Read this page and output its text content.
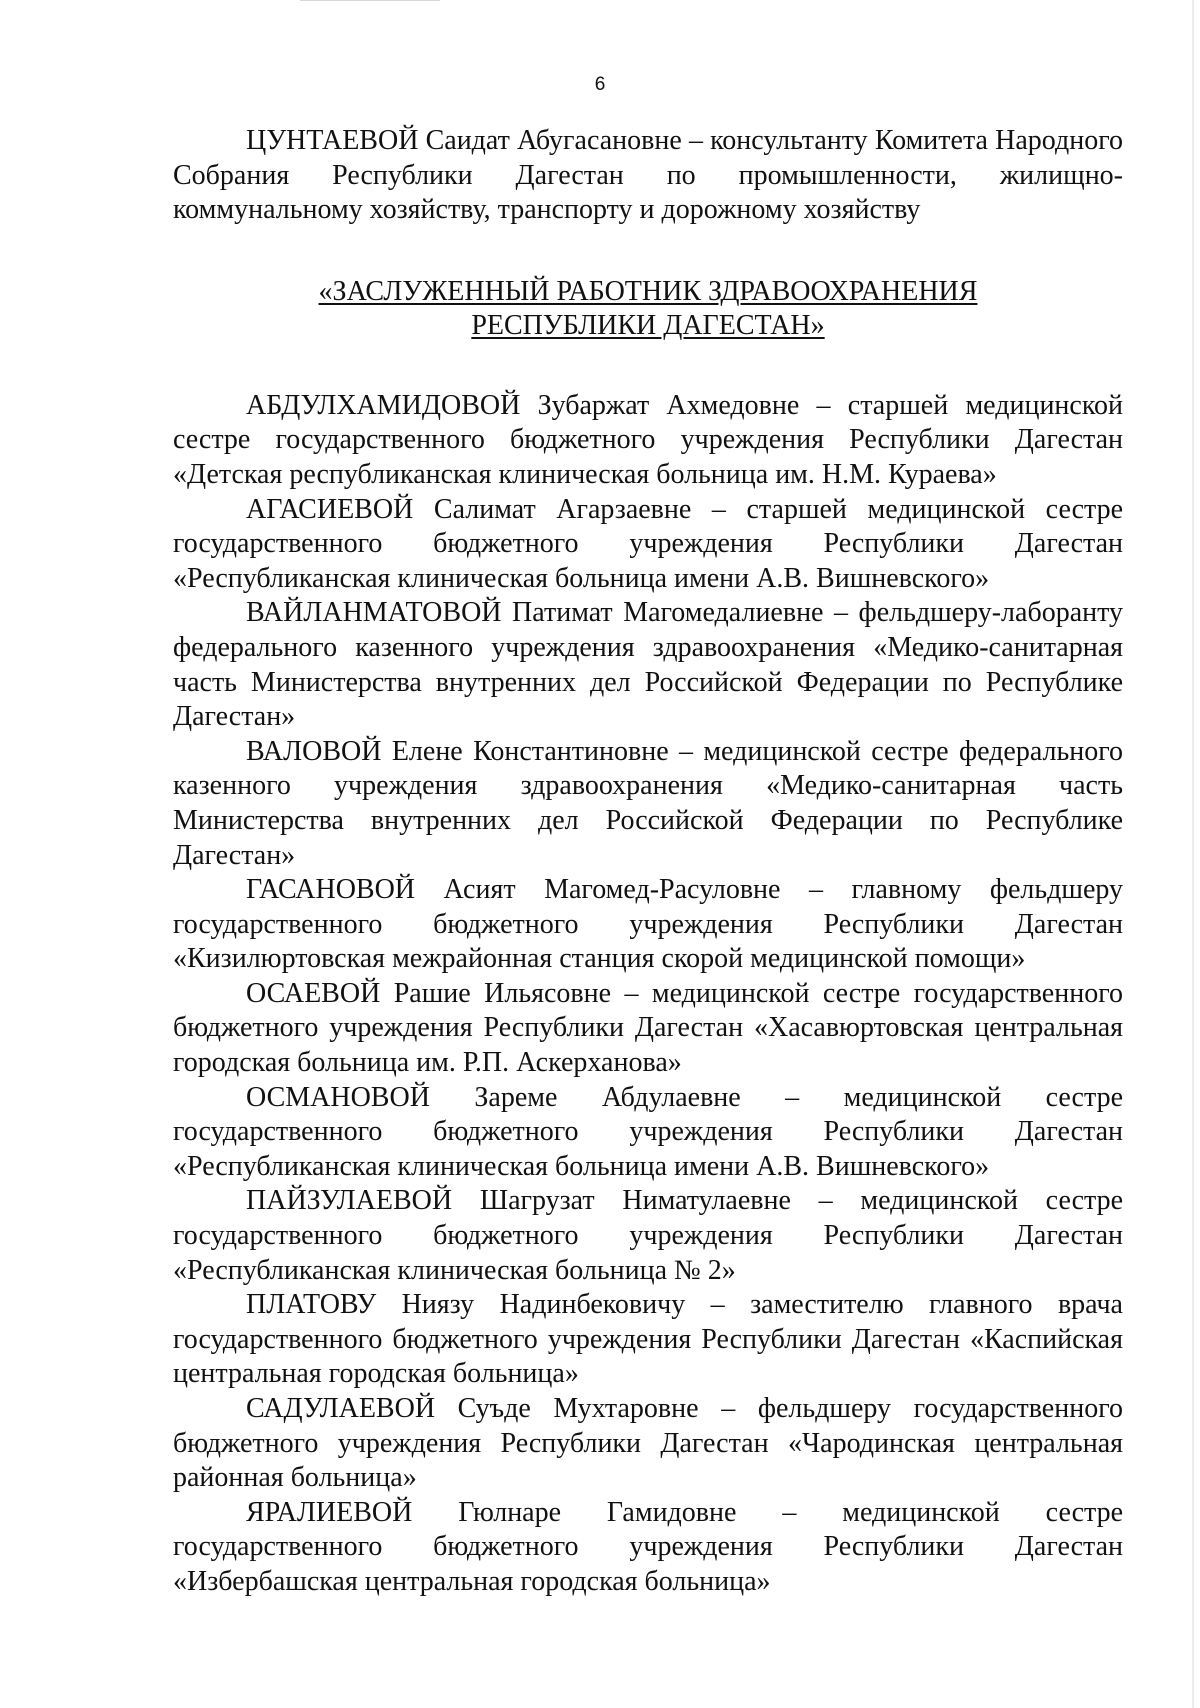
6

ЦУНТАЕВОЙ Саидат Абугасановне – консультанту Комитета Народного Собрания Республики Дагестан по промышленности, жилищно-коммунальному хозяйству, транспорту и дорожному хозяйству

«ЗАСЛУЖЕННЫЙ РАБОТНИК ЗДРАВООХРАНЕНИЯ
РЕСПУБЛИКИ ДАГЕСТАН»

АБДУЛХАМИДОВОЙ Зубаржат Ахмедовне – старшей медицинской сестре государственного бюджетного учреждения Республики Дагестан «Детская республиканская клиническая больница им. Н.М. Кураева»

АГАСИЕВОЙ Салимат Агарзаевне – старшей медицинской сестре государственного бюджетного учреждения Республики Дагестан «Республиканская клиническая больница имени А.В. Вишневского»

ВАЙЛАНМАТОВОЙ Патимат Магомедалиевне – фельдшеру-лаборанту федерального казенного учреждения здравоохранения «Медико-санитарная часть Министерства внутренних дел Российской Федерации по Республике Дагестан»

ВАЛОВОЙ Елене Константиновне – медицинской сестре федерального казенного учреждения здравоохранения «Медико-санитарная часть Министерства внутренних дел Российской Федерации по Республике Дагестан»

ГАСАНОВОЙ Асият Магомед-Расуловне – главному фельдшеру государственного бюджетного учреждения Республики Дагестан «Кизилюртовская межрайонная станция скорой медицинской помощи»

ОСАЕВОЙ Рашие Ильясовне – медицинской сестре государственного бюджетного учреждения Республики Дагестан «Хасавюртовская центральная городская больница им. Р.П. Аскерханова»

ОСМАНОВОЙ Зареме Абдулаевне – медицинской сестре государственного бюджетного учреждения Республики Дагестан «Республиканская клиническая больница имени А.В. Вишневского»

ПАЙЗУЛАЕВОЙ Шагрузат Ниматулаевне – медицинской сестре государственного бюджетного учреждения Республики Дагестан «Республиканская клиническая больница № 2»

ПЛАТОВУ Ниязу Надинбековичу – заместителю главного врача государственного бюджетного учреждения Республики Дагестан «Каспийская центральная городская больница»

САДУЛАЕВОЙ Суъде Мухтаровне – фельдшеру государственного бюджетного учреждения Республики Дагестан «Чародинская центральная районная больница»

ЯРАЛИЕВОЙ Гюлнаре Гамидовне – медицинской сестре государственного бюджетного учреждения Республики Дагестан «Избербашская центральная городская больница»
